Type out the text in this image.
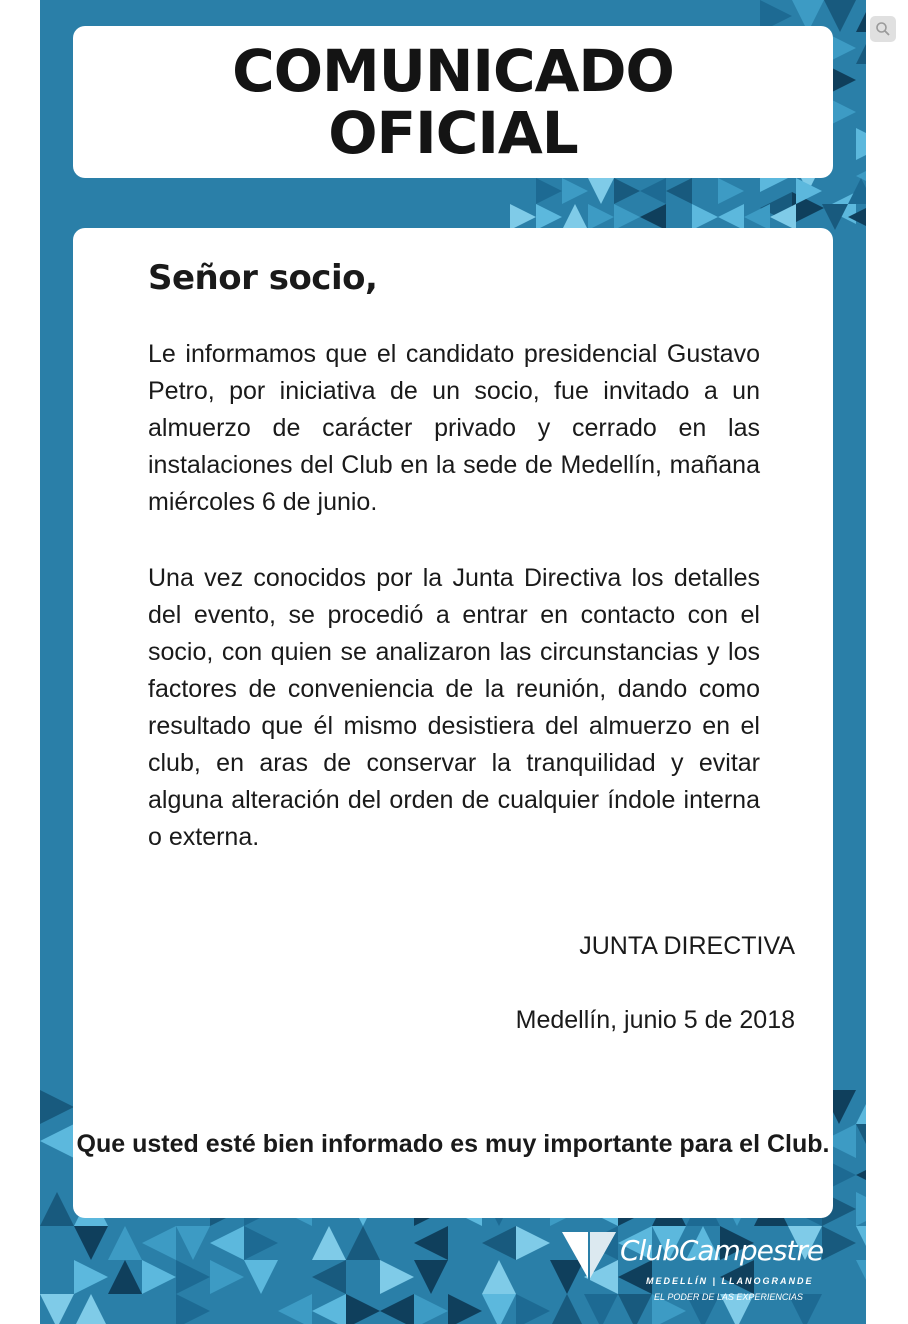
COMUNICADO
OFICIAL
Señor socio,
Le informamos que el candidato presidencial Gustavo Petro, por iniciativa de un socio, fue invitado a un almuerzo de carácter privado y cerrado en las instalaciones del Club en la sede de Medellín, mañana miércoles 6 de junio.
Una vez conocidos por la Junta Directiva los detalles del evento, se procedió a entrar en contacto con el socio, con quien se analizaron las circunstancias y los factores de conveniencia de la reunión, dando como resultado que él mismo desistiera del almuerzo en el club, en aras de conservar la tranquilidad y evitar alguna alteración del orden de cualquier índole interna o externa.
JUNTA DIRECTIVA
Medellín, junio 5 de 2018
Que usted esté bien informado es muy importante para el Club.
ClubCampestre
MEDELLÍN | LLANOGRANDE
EL PODER DE LAS EXPERIENCIAS
